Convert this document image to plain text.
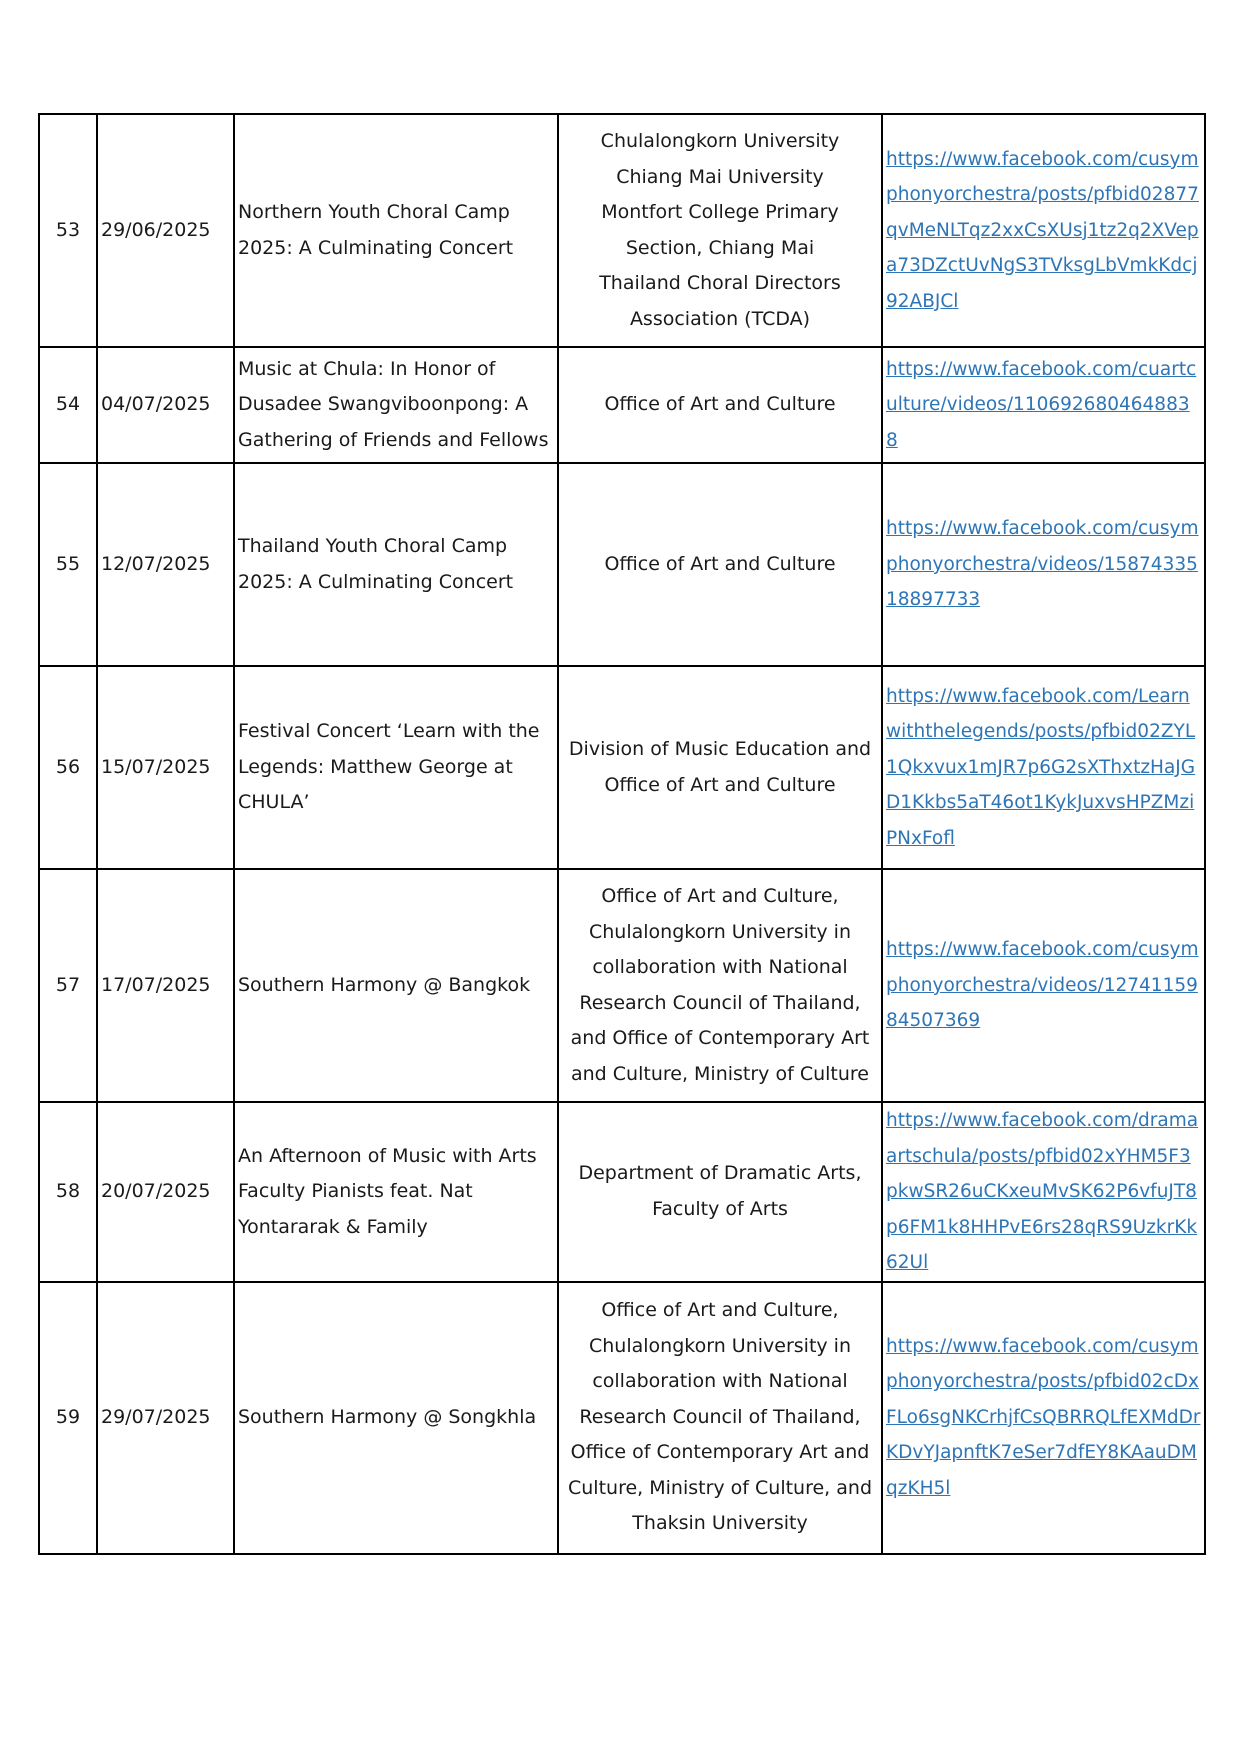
53	29/06/2025	Northern Youth Choral Camp 2025: A Culminating Concert	Chulalongkorn University
Chiang Mai University
Montfort College Primary Section, Chiang Mai
Thailand Choral Directors Association (TCDA)	https://www.facebook.com/cusymphonyorchestra/posts/pfbid02877qvMeNLTqz2xxCsXUsj1tz2q2XVepa73DZctUvNgS3TVksgLbVmkKdcj92ABJCl
54	04/07/2025	Music at Chula: In Honor of Dusadee Swangviboonpong: A Gathering of Friends and Fellows	Office of Art and Culture	https://www.facebook.com/cuartculture/videos/1106926804648838
55	12/07/2025	Thailand Youth Choral Camp 2025: A Culminating Concert	Office of Art and Culture	https://www.facebook.com/cusymphonyorchestra/videos/1587433518897733
56	15/07/2025	Festival Concert ‘Learn with the Legends: Matthew George at CHULA’	Division of Music Education and Office of Art and Culture	https://www.facebook.com/Learnwiththelegends/posts/pfbid02ZYL1Qkxvux1mJR7p6G2sXThxtzHaJGD1Kkbs5aT46ot1KykJuxvsHPZMziPNxFofl
57	17/07/2025	Southern Harmony @ Bangkok	Office of Art and Culture, Chulalongkorn University in collaboration with National Research Council of Thailand, and Office of Contemporary Art and Culture, Ministry of Culture	https://www.facebook.com/cusymphonyorchestra/videos/1274115984507369
58	20/07/2025	An Afternoon of Music with Arts Faculty Pianists feat. Nat Yontararak & Family	Department of Dramatic Arts, Faculty of Arts	https://www.facebook.com/dramaartschula/posts/pfbid02xYHM5F3pkwSR26uCKxeuMvSK62P6vfuJT8p6FM1k8HHPvE6rs28qRS9UzkrKk62Ul
59	29/07/2025	Southern Harmony @ Songkhla	Office of Art and Culture, Chulalongkorn University in collaboration with National Research Council of Thailand, Office of Contemporary Art and Culture, Ministry of Culture, and Thaksin University	https://www.facebook.com/cusymphonyorchestra/posts/pfbid02cDxFLo6sgNKCrhjfCsQBRRQLfEXMdDrKDvYJapnftK7eSer7dfEY8KAauDMqzKH5l
